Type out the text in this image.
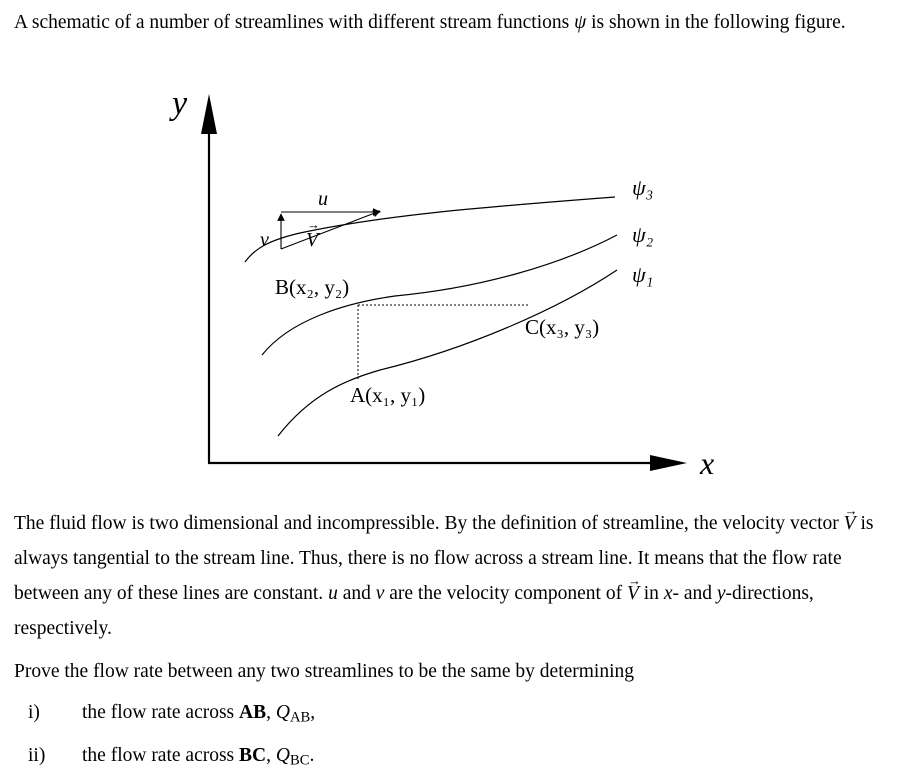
A schematic of a number of streamlines with different stream functions ψ is shown in the following figure.

y
x
u
v V
→
B(x₂, y₂)
A(x₁, y₁)
C(x₃, y₃)
ψ₃
ψ₂
ψ₁

The fluid flow is two dimensional and incompressible. By the definition of streamline, the velocity vector → V is always tangential to the stream line. Thus, there is no flow across a stream line. It means that the flow rate between any of these lines are constant. u and v are the velocity component of → V in x- and y-directions, respectively.

Prove the flow rate between any two streamlines to be the same by determining

i) the flow rate across AB, $Q_{AB}$,
ii) the flow rate across BC, $Q_{BC}$.
